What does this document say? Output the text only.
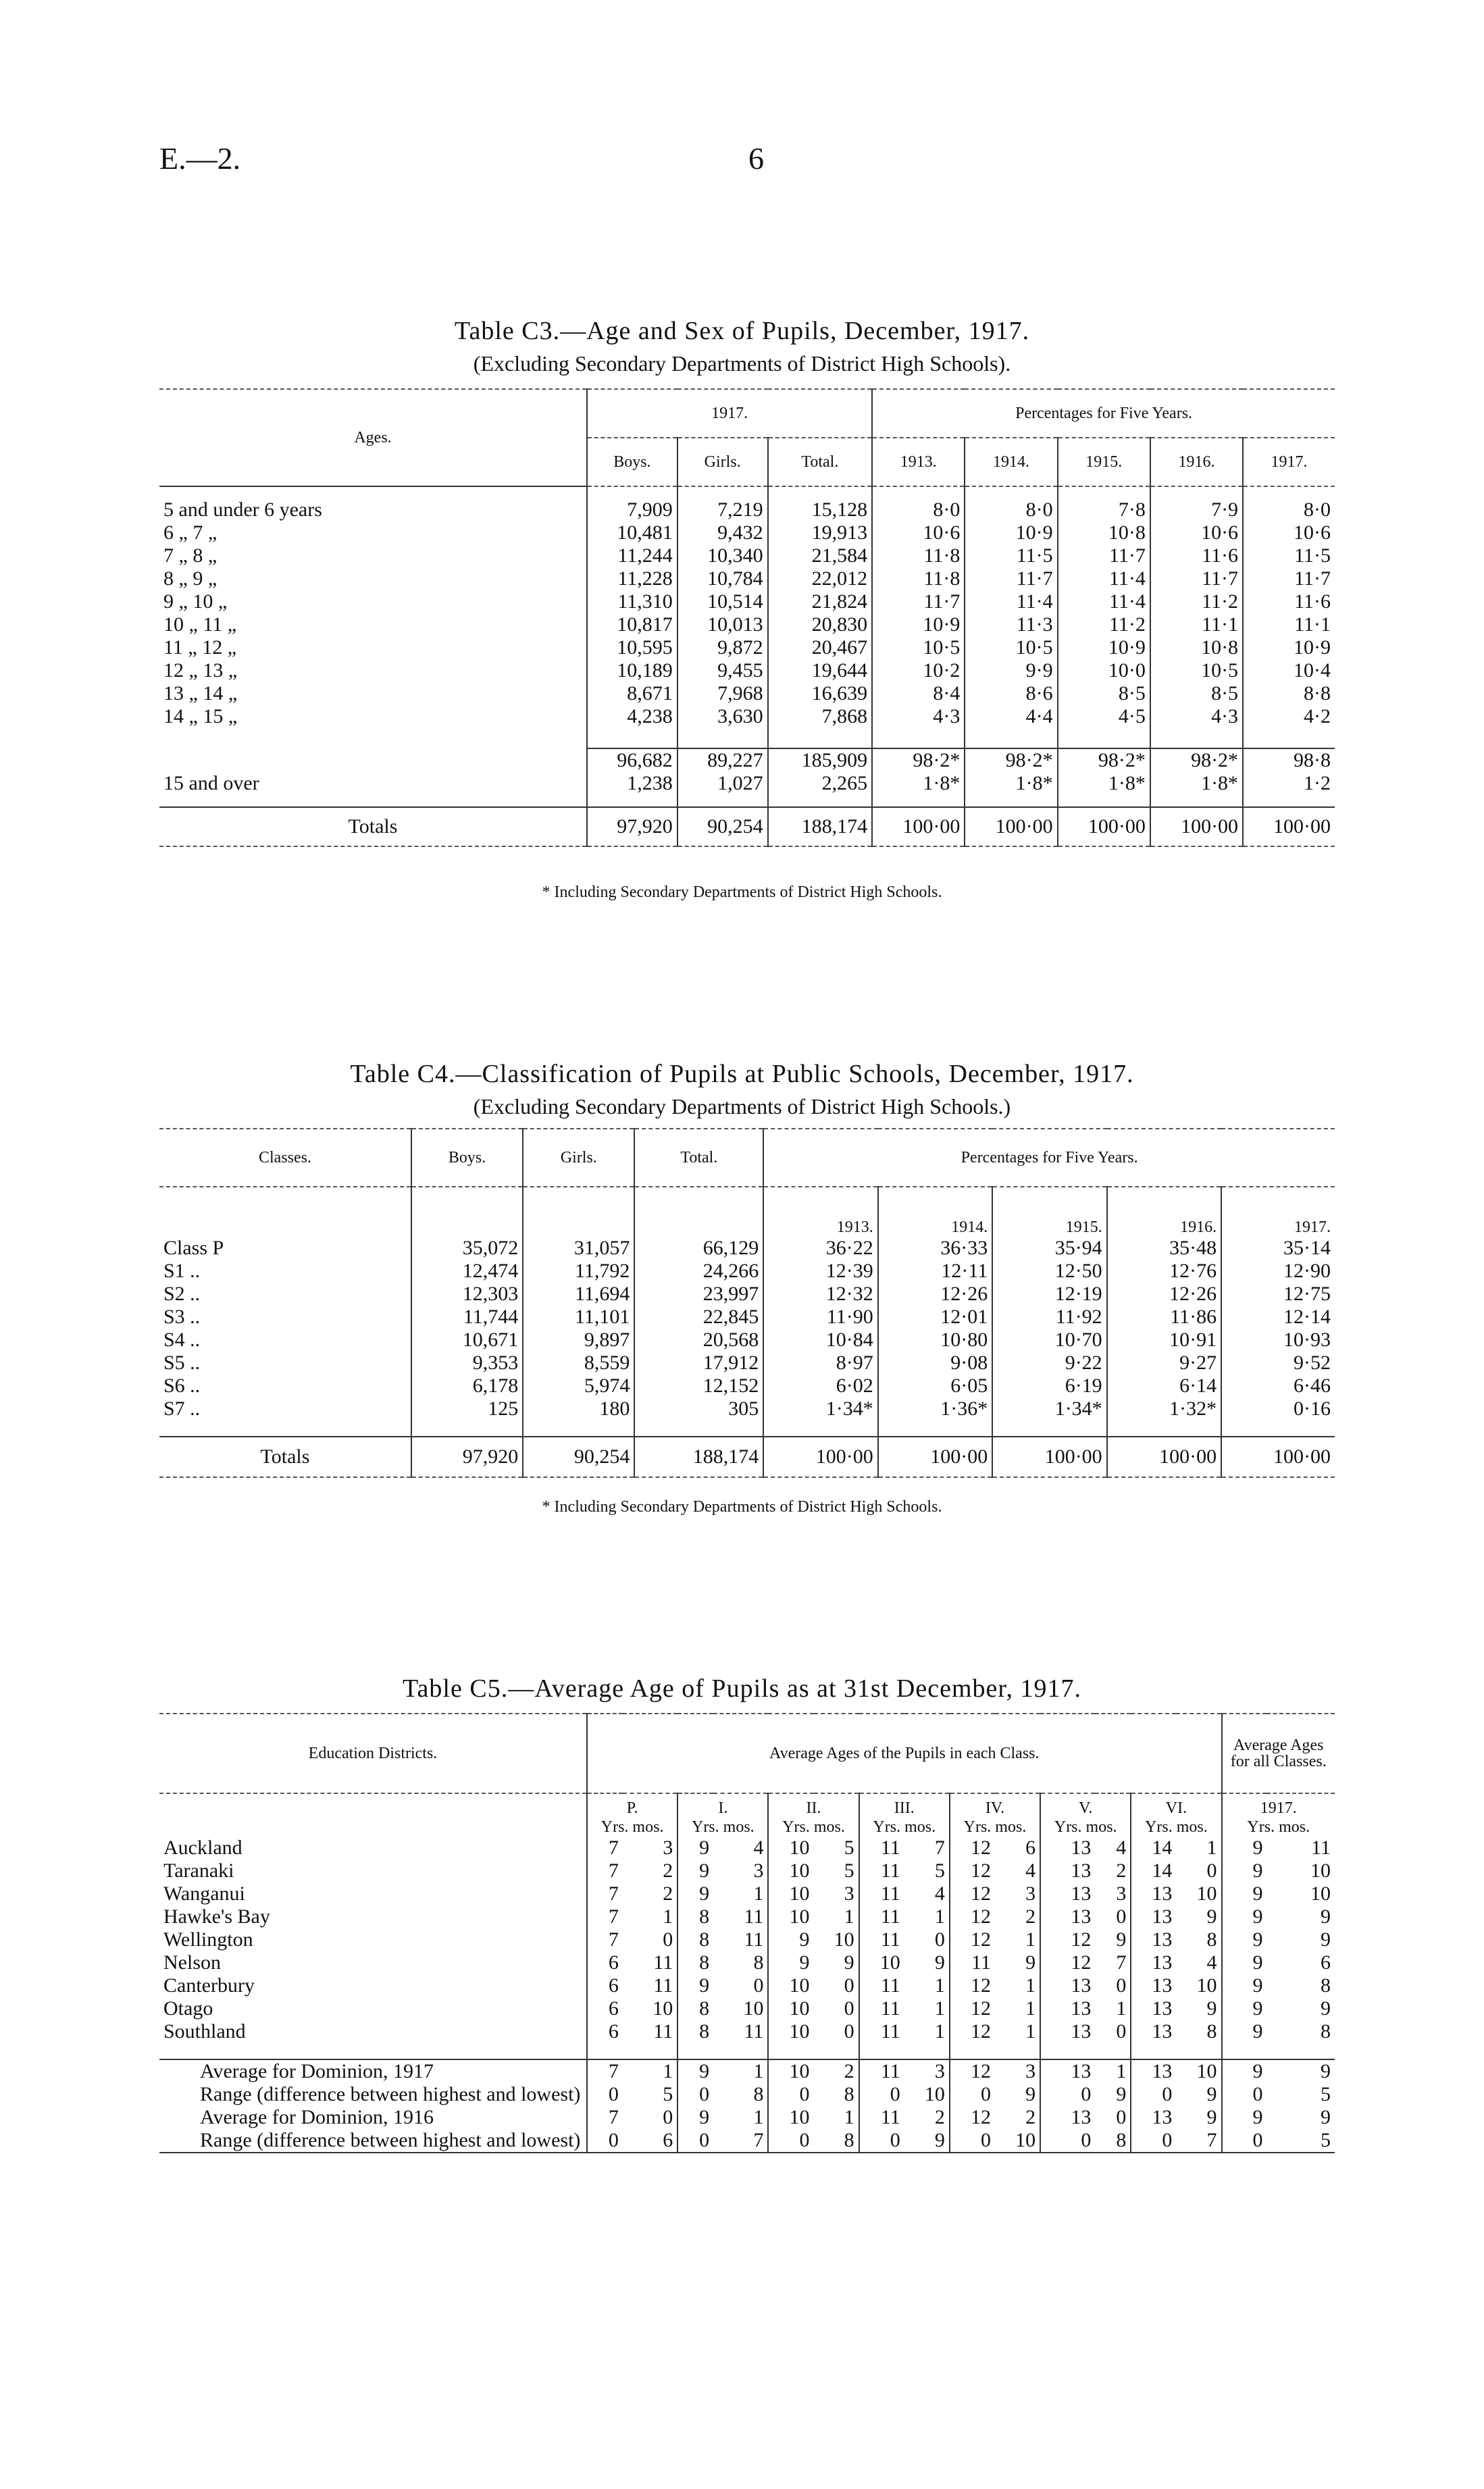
E.—2.	6
Table C3.—Age and Sex of Pupils, December, 1917.
(Excluding Secondary Departments of District High Schools).
Ages.	1917.			Percentages for Five Years.				
	Boys.	Girls.	Total.	1913.	1914.	1915.	1916.	1917.

5 and under 6 years	7,909	7,219	15,128	8·0	8·0	7·8	7·9	8·0
6 „ 7 „	10,481	9,432	19,913	10·6	10·9	10·8	10·6	10·6
7 „ 8 „	11,244	10,340	21,584	11·8	11·5	11·7	11·6	11·5
8 „ 9 „	11,228	10,784	22,012	11·8	11·7	11·4	11·7	11·7
9 „ 10 „	11,310	10,514	21,824	11·7	11·4	11·4	11·2	11·6
10 „ 11 „	10,817	10,013	20,830	10·9	11·3	11·2	11·1	11·1
11 „ 12 „	10,595	9,872	20,467	10·5	10·5	10·9	10·8	10·9
12 „ 13 „	10,189	9,455	19,644	10·2	9·9	10·0	10·5	10·4
13 „ 14 „	8,671	7,968	16,639	8·4	8·6	8·5	8·5	8·8
14 „ 15 „	4,238	3,630	7,868	4·3	4·4	4·5	4·3	4·2

	96,682	89,227	185,909	98·2*	98·2*	98·2*	98·2*	98·8
15 and over	1,238	1,027	2,265	1·8*	1·8*	1·8*	1·8*	1·2

Totals	97,920	90,254	188,174	100·00	100·00	100·00	100·00	100·00
* Including Secondary Departments of District High Schools.
Table C4.—Classification of Pupils at Public Schools, December, 1917.
(Excluding Secondary Departments of District High Schools.)
Classes.	Boys.	Girls.	Total.	Percentages for Five Years.				
				1913.	1914.	1915.	1916.	1917.
Class P	35,072	31,057	66,129	36·22	36·33	35·94	35·48	35·14
S1 ..	12,474	11,792	24,266	12·39	12·11	12·50	12·76	12·90
S2 ..	12,303	11,694	23,997	12·32	12·26	12·19	12·26	12·75
S3 ..	11,744	11,101	22,845	11·90	12·01	11·92	11·86	12·14
S4 ..	10,671	9,897	20,568	10·84	10·80	10·70	10·91	10·93
S5 ..	9,353	8,559	17,912	8·97	9·08	9·22	9·27	9·52
S6 ..	6,178	5,974	12,152	6·02	6·05	6·19	6·14	6·46
S7 ..	125	180	305	1·34*	1·36*	1·34*	1·32*	0·16

Totals	97,920	90,254	188,174	100·00	100·00	100·00	100·00	100·00
* Including Secondary Departments of District High Schools.
Table C5.—Average Age of Pupils as at 31st December, 1917.
Education Districts.	Average Ages of the Pupils in each Class.														Average Ages for all Classes.	
	P.		I.		II.		III.		IV.		V.		VI.		1917.	
	Yrs. mos.		Yrs. mos.		Yrs. mos.		Yrs. mos.		Yrs. mos.		Yrs. mos.		Yrs. mos.		Yrs. mos.	
Auckland	7	3	9	4	10	5	11	7	12	6	13	4	14	1	9	11
Taranaki	7	2	9	3	10	5	11	5	12	4	13	2	14	0	9	10
Wanganui	7	2	9	1	10	3	11	4	12	3	13	3	13	10	9	10
Hawke's Bay	7	1	8	11	10	1	11	1	12	2	13	0	13	9	9	9
Wellington	7	0	8	11	9	10	11	0	12	1	12	9	13	8	9	9
Nelson	6	11	8	8	9	9	10	9	11	9	12	7	13	4	9	6
Canterbury	6	11	9	0	10	0	11	1	12	1	13	0	13	10	9	8
Otago	6	10	8	10	10	0	11	1	12	1	13	1	13	9	9	9
Southland	6	11	8	11	10	0	11	1	12	1	13	0	13	8	9	8

Average for Dominion, 1917	7	1	9	1	10	2	11	3	12	3	13	1	13	10	9	9
Range (difference between highest and lowest)	0	5	0	8	0	8	0	10	0	9	0	9	0	9	0	5
Average for Dominion, 1916	7	0	9	1	10	1	11	2	12	2	13	0	13	9	9	9
Range (difference between highest and lowest)	0	6	0	7	0	8	0	9	0	10	0	8	0	7	0	5
